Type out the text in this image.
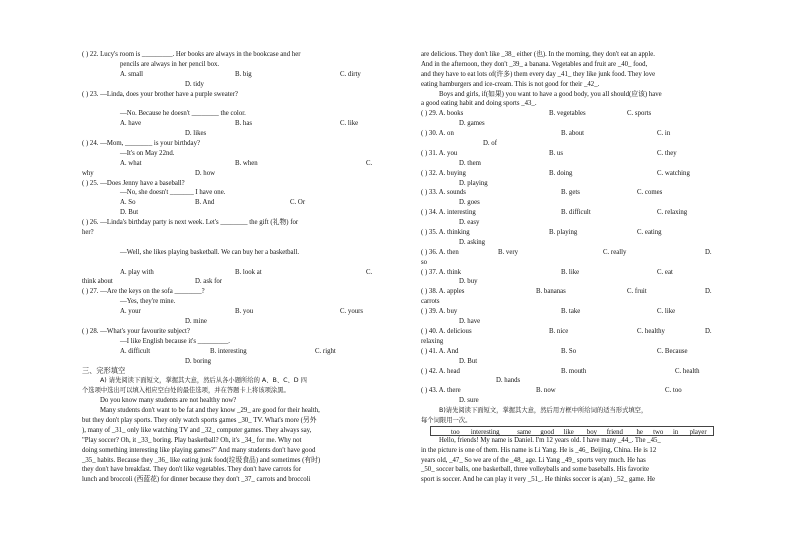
( ) 22. Lucy's room is _________. Her books are always in the bookcase and her
pencils are always in her pencil box.
A. small	B. big	C. dirty
D. tidy
( ) 23. —Linda, does your brother have a purple sweater?
—No. Because he doesn't ________ the color.
A. have	B. has	C. like
D. likes
( ) 24. —Mom, ________ is your birthday?
—It's on May 22nd.
A. what	B. when	C.
why	D. how
( ) 25. —Does Jenny have a baseball?
—No, she doesn't _______ I have one.
A. So	B. And	C. Or
D. But
( ) 26. —Linda's birthday party is next week. Let's ________ the gift (礼物) for
her?
—Well, she likes playing basketball. We can buy her a basketball.
A. play with	B. look at	C.
think about	D. ask for
( ) 27. —Are the keys on the sofa ________?
—Yes, they're mine.
A. your	B. you	C. yours
D. mine
( ) 28. —What's your favourite subject?
—I like English because it's _________.
A. difficult	B. interesting	C. right
D. boring
三、完形填空
A) 请先阅读下面短文，掌握其大意，然后从各小题所给的 A、B、C、D 四
个选项中选出可以填入相应空白处的最佳选项，并在答题卡上将该项涂黑。
Do you know many students are not healthy now?
Many students don't want to be fat and they know _29_ are good for their health,
but they don't play sports. They only watch sports games _30_ TV. What's more (另外
), many of _31_ only like watching TV and _32_ computer games. They always say,
"Play soccer? Oh, it _33_ boring. Play basketball? Oh, it's _34_ for me. Why not
doing something interesting like playing games?" And many students don't have good
_35_ habits. Because they _36_ like eating junk food(垃圾食品) and sometimes (有时)
they don't have breakfast. They don't like vegetables. They don't have carrots for
lunch and broccoli (西蓝花) for dinner because they don't _37_ carrots and broccoli
are delicious. They don't like _38_ either (也). In the morning, they don't eat an apple.
And in the afternoon, they don't _39_ a banana. Vegetables and fruit are _40_ food,
and they have to eat lots of(许多) them every day _41_ they like junk food. They love
eating hamburgers and ice-cream. This is not good for their _42_.
Boys and girls, if(如果) you want to have a good body, you all should(应该) have
a good eating habit and doing sports _43_.
( ) 29. A. books	B. vegetables	C. sports
D. games
( ) 30. A. on	B. about	C. in
D. of
( ) 31. A. you	B. us	C. they
D. them
( ) 32. A. buying	B. doing	C. watching
D. playing
( ) 33. A. sounds	B. gets	C. comes
D. goes
( ) 34. A. interesting	B. difficult	C. relaxing
D. easy
( ) 35. A. thinking	B. playing	C. eating
D. asking
( ) 36. A. then	B. very	C. really	D.
so
( ) 37. A. think	B. like	C. eat
D. buy
( ) 38. A. apples	B. bananas	C. fruit	D.
carrots
( ) 39. A. buy	B. take	C. like
D. have
( ) 40. A. delicious	B. nice	C. healthy	D.
relaxing
( ) 41. A. And	B. So	C. Because
D. But
( ) 42. A. head	B. mouth	C. health
D. hands
( ) 43. A. there	B. now	C. too
D. sure
B)请先阅读下面短文，掌握其大意，然后用方框中所给词的适当形式填空，
每个词限用一次。
too interesting	same good like boy friend he two in player
Hello, friends! My name is Daniel. I'm 12 years old. I have many _44_. The _45_
in the picture is one of them. His name is Li Yang. He is _46_ Beijing, China. He is 12
years old, _47_ So we are of the _48_ age. Li Yang _49_ sports very much. He has
_50_ soccer balls, one basketball, three volleyballs and some baseballs. His favorite
sport is soccer. And he can play it very _51_. He thinks soccer is a(an) _52_ game. He
